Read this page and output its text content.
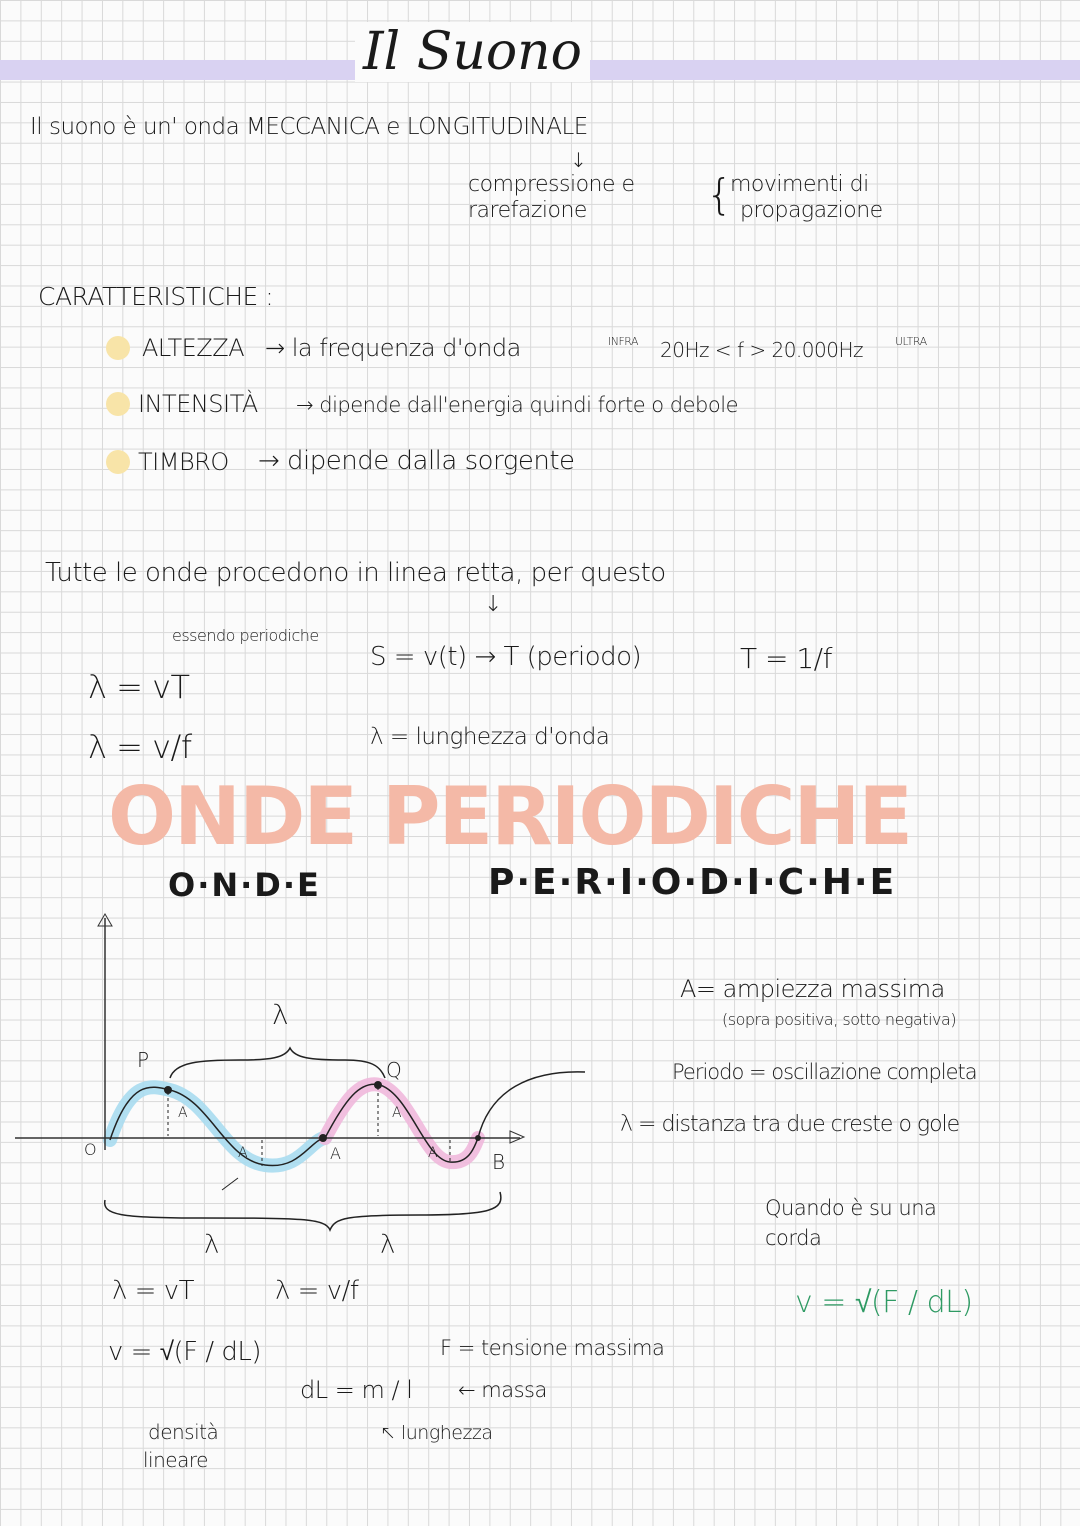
Il Suono
Il suono è un' onda MECCANICA e LONGITUDINALE
↓
compressione e
rarefazione	{
movimenti di
propagazione
CARATTERISTICHE :
ALTEZZA → la frequenza d'onda	INFRA 20Hz < f > 20.000Hz	ULTRA
INTENSITÀ → dipende dall'energia quindi forte o debole
TIMBRO → dipende dalla sorgente
Tutte le onde procedono in linea retta, per questo
↓
essendo periodiche
λ = vT
λ = v/f
S = v(t) → T (periodo)	T = 1/f
λ = lunghezza d'onda
ONDE PERIODICHE
O·N·D·E	P·E·R·I·O·D·I·C·H·E
P	Q
O	A	B
λ
λ	λ
A
A
A
A
A= ampiezza massima
(sopra positiva, sotto negativa)
Periodo = oscillazione completa
λ = distanza tra due creste o gole
Quando è su una
corda
v = √(F / dL)
λ = vT	λ = v/f
v = √(F / dL)
dL = m / l
F = tensione massima
← massa
↖ lunghezza
densità
lineare
